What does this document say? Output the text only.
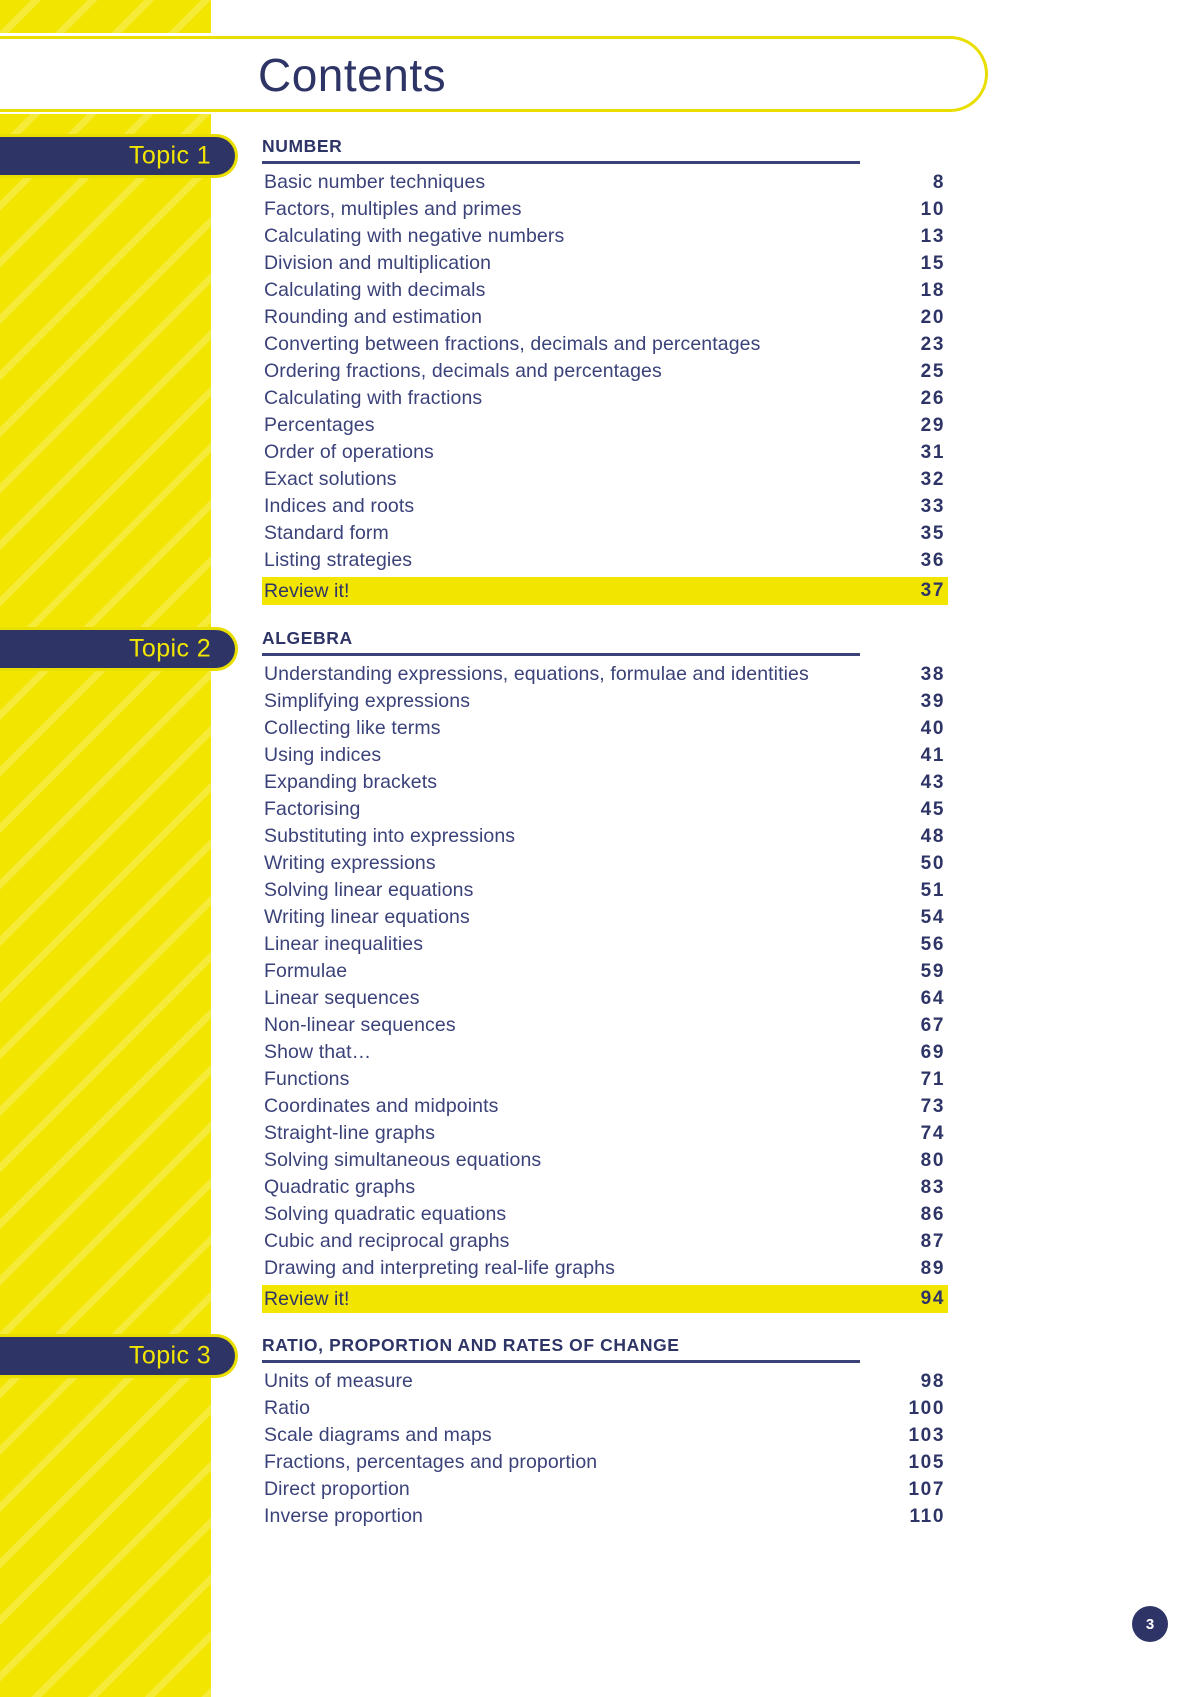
Contents
Topic 1	NUMBER
Basic number techniques	8
Factors, multiples and primes	10
Calculating with negative numbers	13
Division and multiplication	15
Calculating with decimals	18
Rounding and estimation	20
Converting between fractions, decimals and percentages	23
Ordering fractions, decimals and percentages	25
Calculating with fractions	26
Percentages	29
Order of operations	31
Exact solutions	32
Indices and roots	33
Standard form	35
Listing strategies	36
Review it!	37
Topic 2	ALGEBRA
Understanding expressions, equations, formulae and identities	38
Simplifying expressions	39
Collecting like terms	40
Using indices	41
Expanding brackets	43
Factorising	45
Substituting into expressions	48
Writing expressions	50
Solving linear equations	51
Writing linear equations	54
Linear inequalities	56
Formulae	59
Linear sequences	64
Non-linear sequences	67
Show that…	69
Functions	71
Coordinates and midpoints	73
Straight-line graphs	74
Solving simultaneous equations	80
Quadratic graphs	83
Solving quadratic equations	86
Cubic and reciprocal graphs	87
Drawing and interpreting real-life graphs	89
Review it!	94
Topic 3	RATIO, PROPORTION AND RATES OF CHANGE
Units of measure	98
Ratio	100
Scale diagrams and maps	103
Fractions, percentages and proportion	105
Direct proportion	107
Inverse proportion	110
3
